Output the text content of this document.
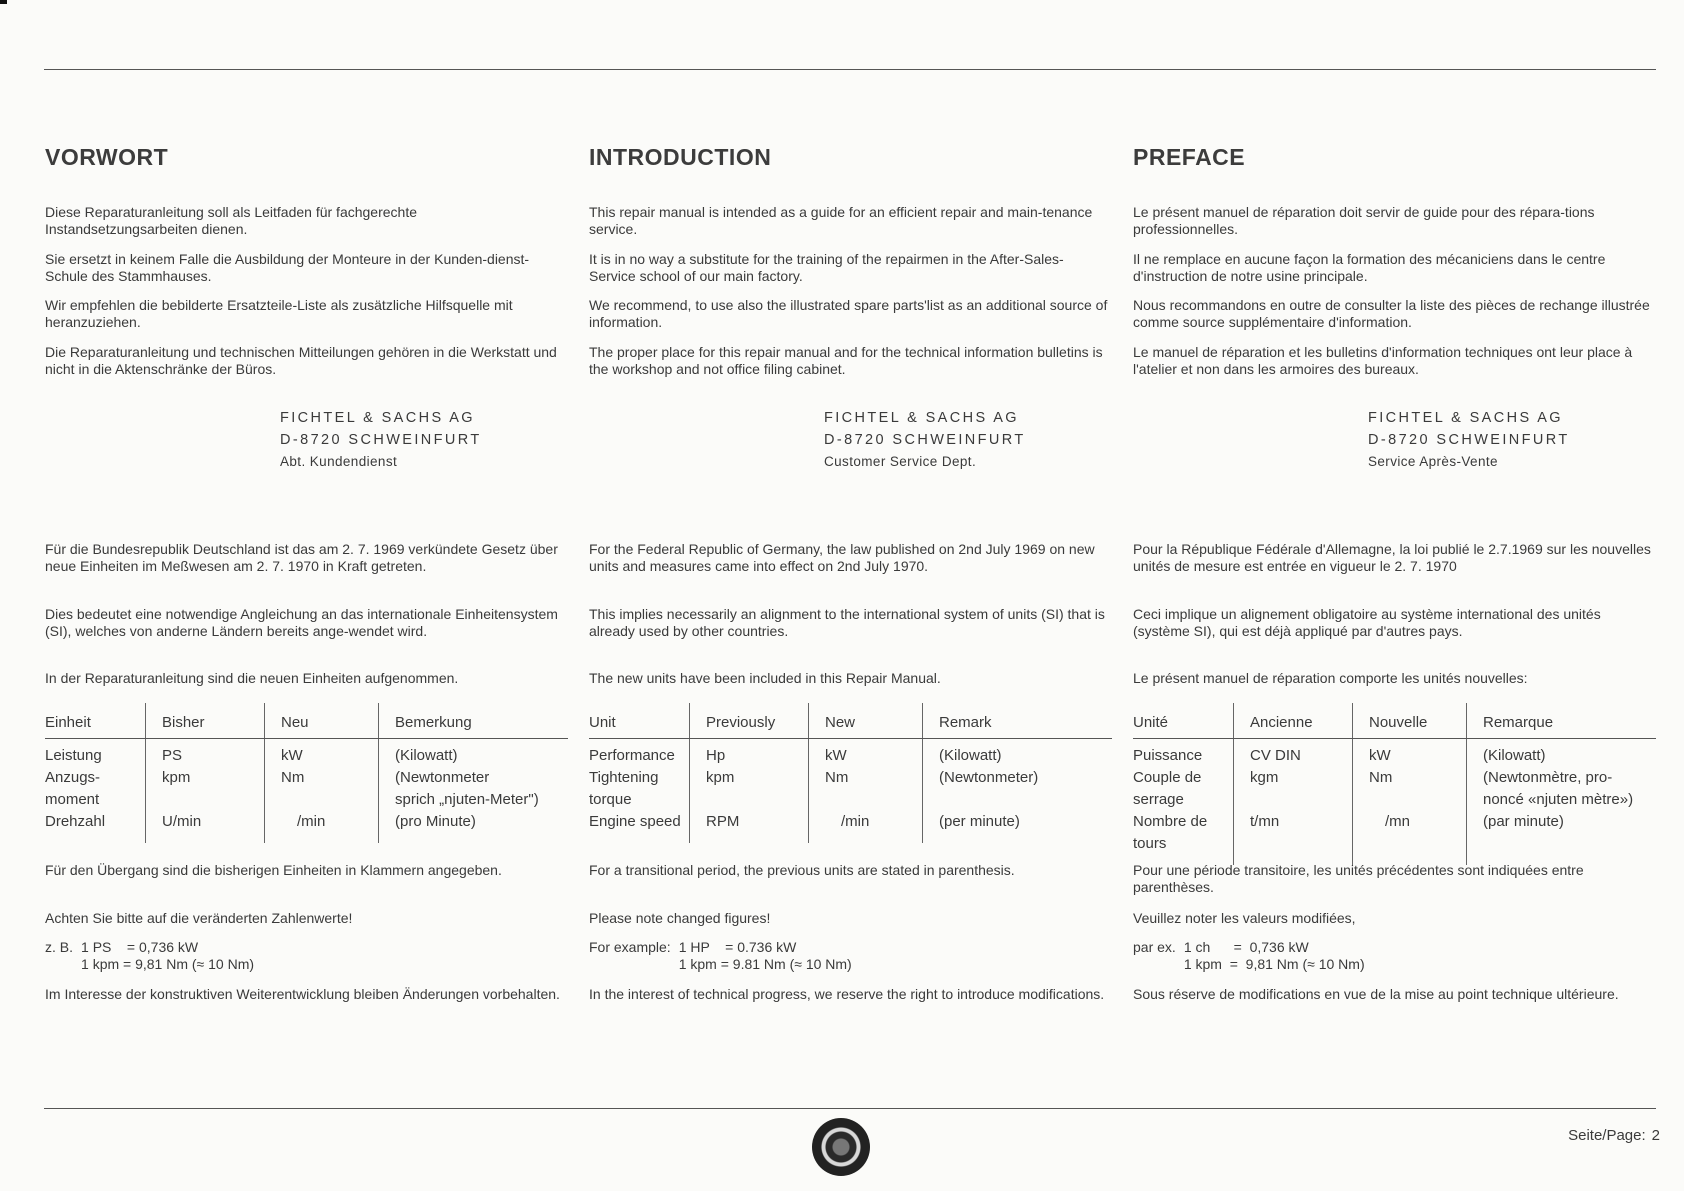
VORWORT
Diese Reparaturanleitung soll als Leitfaden für fachgerechte Instandsetzungsarbeiten dienen.
Sie ersetzt in keinem Falle die Ausbildung der Monteure in der Kunden-dienst-Schule des Stammhauses.
Wir empfehlen die bebilderte Ersatzteile-Liste als zusätzliche Hilfsquelle mit heranzuziehen.
Die Reparaturanleitung und technischen Mitteilungen gehören in die Werkstatt und nicht in die Aktenschränke der Büros.
FICHTEL & SACHS AG
D-8720 SCHWEINFURT
Abt. Kundendienst
Für die Bundesrepublik Deutschland ist das am 2. 7. 1969 verkündete Gesetz über neue Einheiten im Meßwesen am 2. 7. 1970 in Kraft getreten.
Dies bedeutet eine notwendige Angleichung an das internationale Einheitensystem (SI), welches von anderne Ländern bereits ange-wendet wird.
In der Reparaturanleitung sind die neuen Einheiten aufgenommen.
Einheit	Bisher	Neu	Bemerkung
Leistung	PS	kW	(Kilowatt)
Anzugs-
moment	kpm	Nm	(Newtonmeter
sprich „njuten-Meter")
Drehzahl	U/min	/min	(pro Minute)
Für den Übergang sind die bisherigen Einheiten in Klammern angegeben.
Achten Sie bitte auf die veränderten Zahlenwerte!
z. B. 1 PS    = 0,736 kW
1 kpm = 9,81 Nm (≈ 10 Nm)
Im Interesse der konstruktiven Weiterentwicklung bleiben Änderungen vorbehalten.
INTRODUCTION
This repair manual is intended as a guide for an efficient repair and main-tenance service.
It is in no way a substitute for the training of the repairmen in the After-Sales-Service school of our main factory.
We recommend, to use also the illustrated spare parts'list as an additional source of information.
The proper place for this repair manual and for the technical information bulletins is the workshop and not office filing cabinet.
FICHTEL & SACHS AG
D-8720 SCHWEINFURT
Customer Service Dept.
For the Federal Republic of Germany, the law published on 2nd July 1969 on new units and measures came into effect on 2nd July 1970.
This implies necessarily an alignment to the international system of units (SI) that is already used by other countries.
The new units have been included in this Repair Manual.
Unit	Previously	New	Remark
Performance	Hp	kW	(Kilowatt)
Tightening
torque	kpm	Nm	(Newtonmeter)
Engine speed	RPM	/min	(per minute)
For a transitional period, the previous units are stated in parenthesis.
Please note changed figures!
For example: 1 HP    = 0.736 kW
1 kpm = 9.81 Nm (≈ 10 Nm)
In the interest of technical progress, we reserve the right to introduce modifications.
PREFACE
Le présent manuel de réparation doit servir de guide pour des répara-tions professionnelles.
Il ne remplace en aucune façon la formation des mécaniciens dans le centre d'instruction de notre usine principale.
Nous recommandons en outre de consulter la liste des pièces de rechange illustrée comme source supplémentaire d'information.
Le manuel de réparation et les bulletins d'information techniques ont leur place à l'atelier et non dans les armoires des bureaux.
FICHTEL & SACHS AG
D-8720 SCHWEINFURT
Service Après-Vente
Pour la République Fédérale d'Allemagne, la loi publié le 2.7.1969 sur les nouvelles unités de mesure est entrée en vigueur le 2. 7. 1970
Ceci implique un alignement obligatoire au système international des unités (système SI), qui est déjà appliqué par d'autres pays.
Le présent manuel de réparation comporte les unités nouvelles:
Unité	Ancienne	Nouvelle	Remarque
Puissance	CV DIN	kW	(Kilowatt)
Couple de
serrage	kgm	Nm	(Newtonmètre, pro-
noncé «njuten mètre»)
Nombre de
tours	t/mn	/mn	(par minute)
Pour une période transitoire, les unités précédentes sont indiquées entre parenthèses.
Veuillez noter les valeurs modifiées,
par ex. 1 ch      =  0,736 kW
1 kpm  =  9,81 Nm (≈ 10 Nm)
Sous réserve de modifications en vue de la mise au point technique ultérieure.
Seite/Page: 2
